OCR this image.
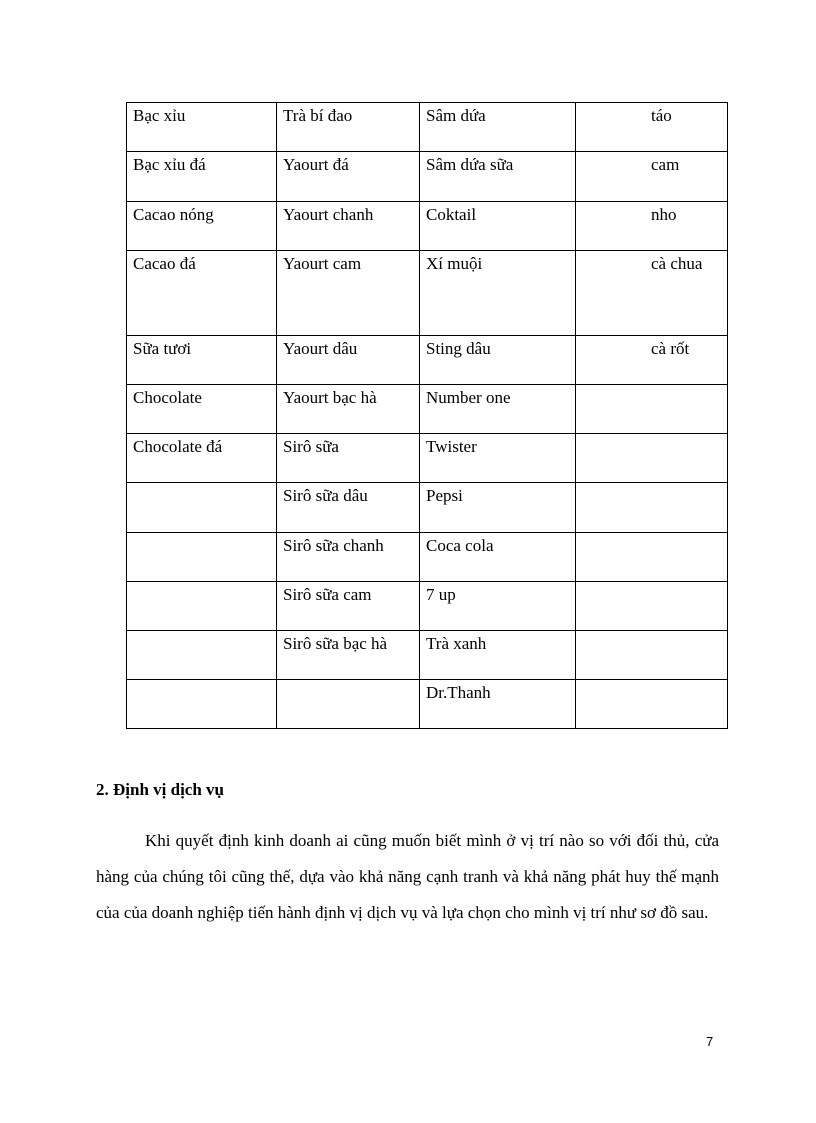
Bạc xỉu	Trà bí đao	Sâm dứa	táo
Bạc xỉu đá	Yaourt đá	Sâm dứa sữa	cam
Cacao nóng	Yaourt chanh	Coktail	nho
Cacao đá	Yaourt cam	Xí muội	cà chua
Sữa tươi	Yaourt dâu	Sting dâu	cà rốt
Chocolate	Yaourt bạc hà	Number one	
Chocolate đá	Sirô sữa	Twister	
	Sirô sữa dâu	Pepsi	
	Sirô sữa chanh	Coca cola	
	Sirô sữa cam	7 up	
	Sirô sữa bạc hà	Trà xanh	
		Dr.Thanh	
2. Định vị dịch vụ

Khi quyết định kinh doanh ai cũng muốn biết mình ở vị trí nào so với đối thủ, cửa hàng của chúng tôi cũng thế, dựa vào khả năng cạnh tranh và khả năng phát huy thế mạnh của của doanh nghiệp tiến hành định vị dịch vụ và lựa chọn cho mình vị trí như sơ đồ sau.

7
